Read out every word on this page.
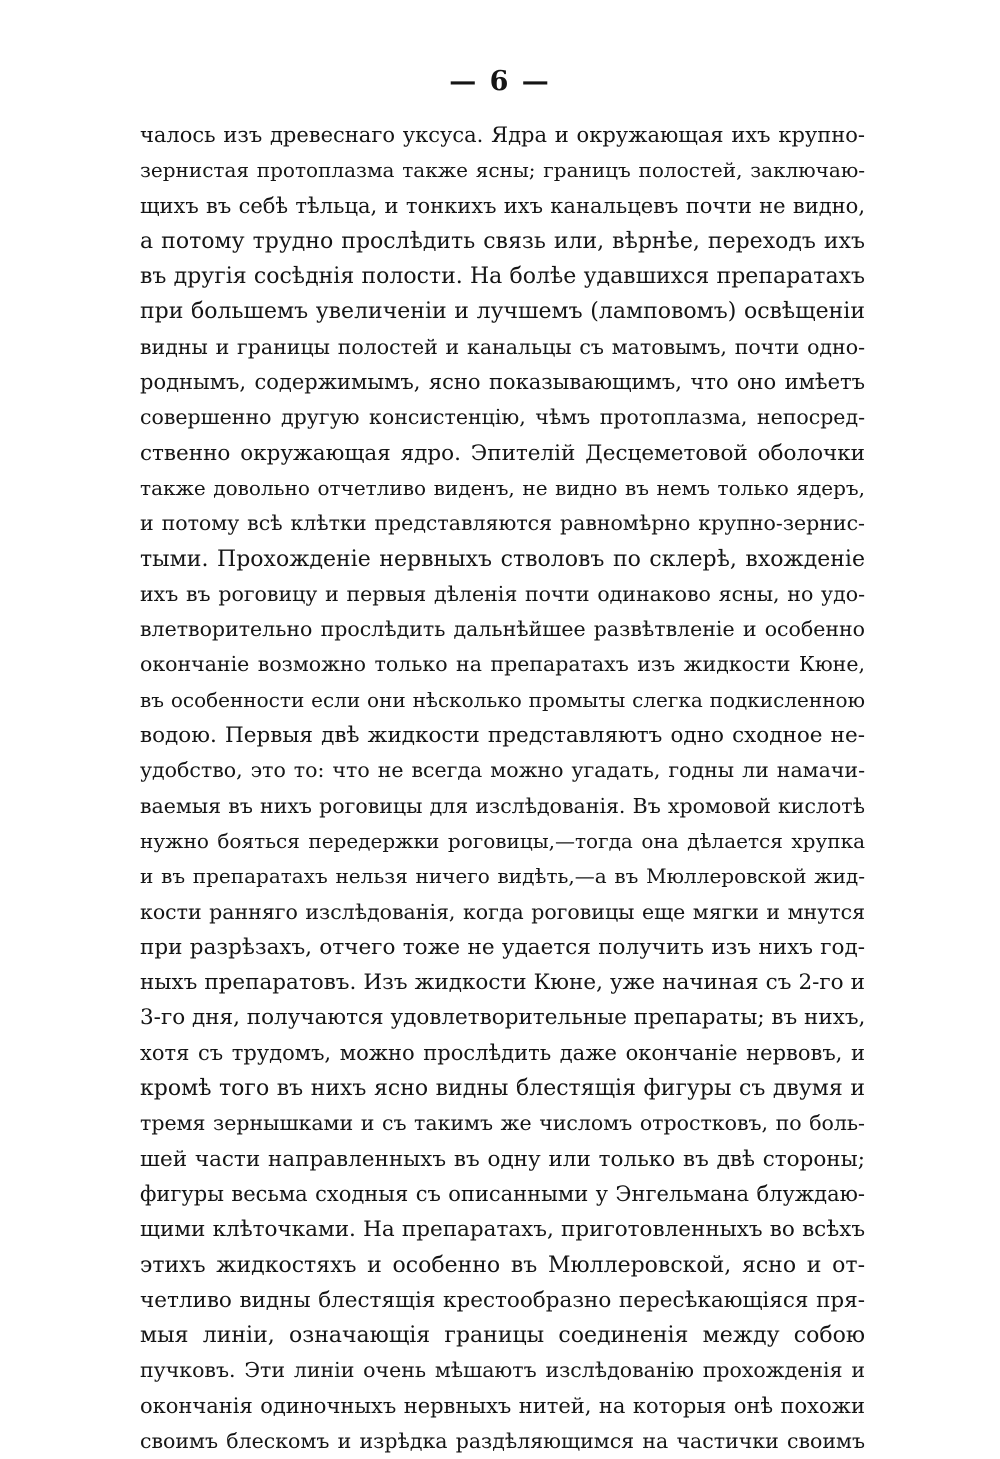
— 6 —
чалось изъ древеснаго уксуса. Ядра и окружающая ихъ крупно-
зернистая протоплазма также ясны; границъ полостей, заключаю-
щихъ въ себѣ тѣльца, и тонкихъ ихъ канальцевъ почти не видно,
а потому трудно прослѣдить связь или, вѣрнѣе, переходъ ихъ
въ другія сосѣднія полости. На болѣе удавшихся препаратахъ
при большемъ увеличеніи и лучшемъ (ламповомъ) освѣщеніи
видны и границы полостей и канальцы съ матовымъ, почти одно-
роднымъ, содержимымъ, ясно показывающимъ, что оно имѣетъ
совершенно другую консистенцію, чѣмъ протоплазма, непосред-
ственно окружающая ядро. Эпителій Десцеметовой оболочки
также довольно отчетливо виденъ, не видно въ немъ только ядеръ,
и потому всѣ клѣтки представляются равномѣрно крупно-зернис-
тыми. Прохожденіе нервныхъ стволовъ по склерѣ, вхожденіе
ихъ въ роговицу и первыя дѣленія почти одинаково ясны, но удо-
влетворительно прослѣдить дальнѣйшее развѣтвленіе и особенно
окончаніе возможно только на препаратахъ изъ жидкости Кюне,
въ особенности если они нѣсколько промыты слегка подкисленною
водою. Первыя двѣ жидкости представляютъ одно сходное не-
удобство, это то: что не всегда можно угадать, годны ли намачи-
ваемыя въ нихъ роговицы для изслѣдованія. Въ хромовой кислотѣ
нужно бояться передержки роговицы,—тогда она дѣлается хрупка
и въ препаратахъ нельзя ничего видѣть,—а въ Мюллеровской жид-
кости ранняго изслѣдованія, когда роговицы еще мягки и мнутся
при разрѣзахъ, отчего тоже не удается получить изъ нихъ год-
ныхъ препаратовъ. Изъ жидкости Кюне, уже начиная съ 2-го и
3-го дня, получаются удовлетворительные препараты; въ нихъ,
хотя съ трудомъ, можно прослѣдить даже окончаніе нервовъ, и
кромѣ того въ нихъ ясно видны блестящія фигуры съ двумя и
тремя зернышками и съ такимъ же числомъ отростковъ, по боль-
шей части направленныхъ въ одну или только въ двѣ стороны;
фигуры весьма сходныя съ описанными у Энгельмана блуждаю-
щими клѣточками. На препаратахъ, приготовленныхъ во всѣхъ
этихъ жидкостяхъ и особенно въ Мюллеровской, ясно и от-
четливо видны блестящія крестообразно пересѣкающіяся пря-
мыя линіи, означающія границы соединенія между собою
пучковъ. Эти линіи очень мѣшаютъ изслѣдованію прохожденія и
окончанія одиночныхъ нервныхъ нитей, на которыя онѣ похожи
своимъ блескомъ и изрѣдка раздѣляющимся на частички своимъ
